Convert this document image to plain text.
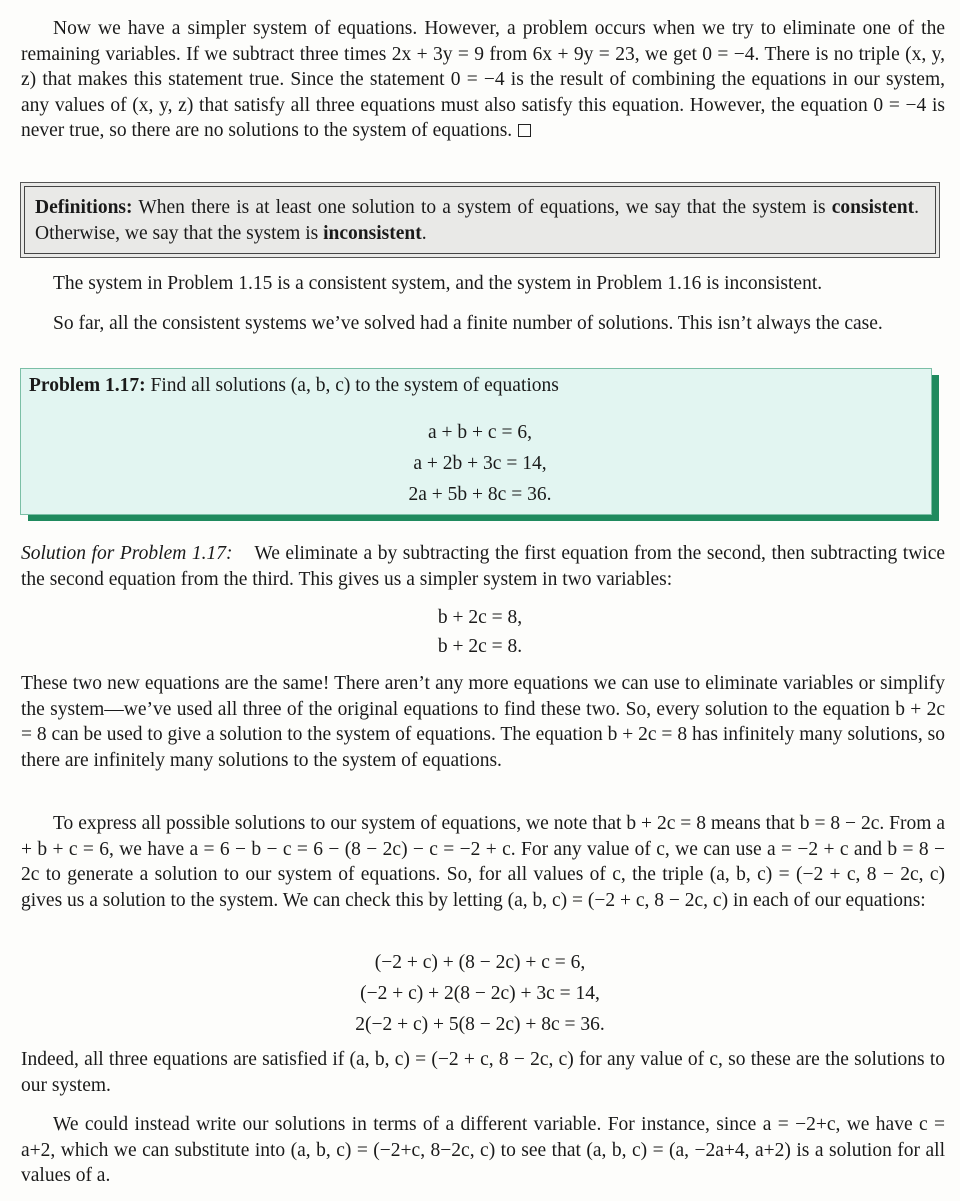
Now we have a simpler system of equations. However, a problem occurs when we try to eliminate one of the remaining variables. If we subtract three times 2x + 3y = 9 from 6x + 9y = 23, we get 0 = −4. There is no triple (x, y, z) that makes this statement true. Since the statement 0 = −4 is the result of combining the equations in our system, any values of (x, y, z) that satisfy all three equations must also satisfy this equation. However, the equation 0 = −4 is never true, so there are no solutions to the system of equations.

Definitions: When there is at least one solution to a system of equations, we say that the system is consistent. Otherwise, we say that the system is inconsistent.

The system in Problem 1.15 is a consistent system, and the system in Problem 1.16 is inconsistent.

So far, all the consistent systems we’ve solved had a finite number of solutions. This isn’t always the case.

Problem 1.17: Find all solutions (a, b, c) to the system of equations
a + b + c = 6,
a + 2b + 3c = 14,
2a + 5b + 8c = 36.

Solution for Problem 1.17: We eliminate a by subtracting the first equation from the second, then subtracting twice the second equation from the third. This gives us a simpler system in two variables:

b + 2c = 8,
b + 2c = 8.

These two new equations are the same! There aren’t any more equations we can use to eliminate variables or simplify the system—we’ve used all three of the original equations to find these two. So, every solution to the equation b + 2c = 8 can be used to give a solution to the system of equations. The equation b + 2c = 8 has infinitely many solutions, so there are infinitely many solutions to the system of equations.

To express all possible solutions to our system of equations, we note that b + 2c = 8 means that b = 8 − 2c. From a + b + c = 6, we have a = 6 − b − c = 6 − (8 − 2c) − c = −2 + c. For any value of c, we can use a = −2 + c and b = 8 − 2c to generate a solution to our system of equations. So, for all values of c, the triple (a, b, c) = (−2 + c, 8 − 2c, c) gives us a solution to the system. We can check this by letting (a, b, c) = (−2 + c, 8 − 2c, c) in each of our equations:

(−2 + c) + (8 − 2c) + c = 6,
(−2 + c) + 2(8 − 2c) + 3c = 14,
2(−2 + c) + 5(8 − 2c) + 8c = 36.

Indeed, all three equations are satisfied if (a, b, c) = (−2 + c, 8 − 2c, c) for any value of c, so these are the solutions to our system.

We could instead write our solutions in terms of a different variable. For instance, since a = −2+c, we have c = a+2, which we can substitute into (a, b, c) = (−2+c, 8−2c, c) to see that (a, b, c) = (a, −2a+4, a+2) is a solution for all values of a.
